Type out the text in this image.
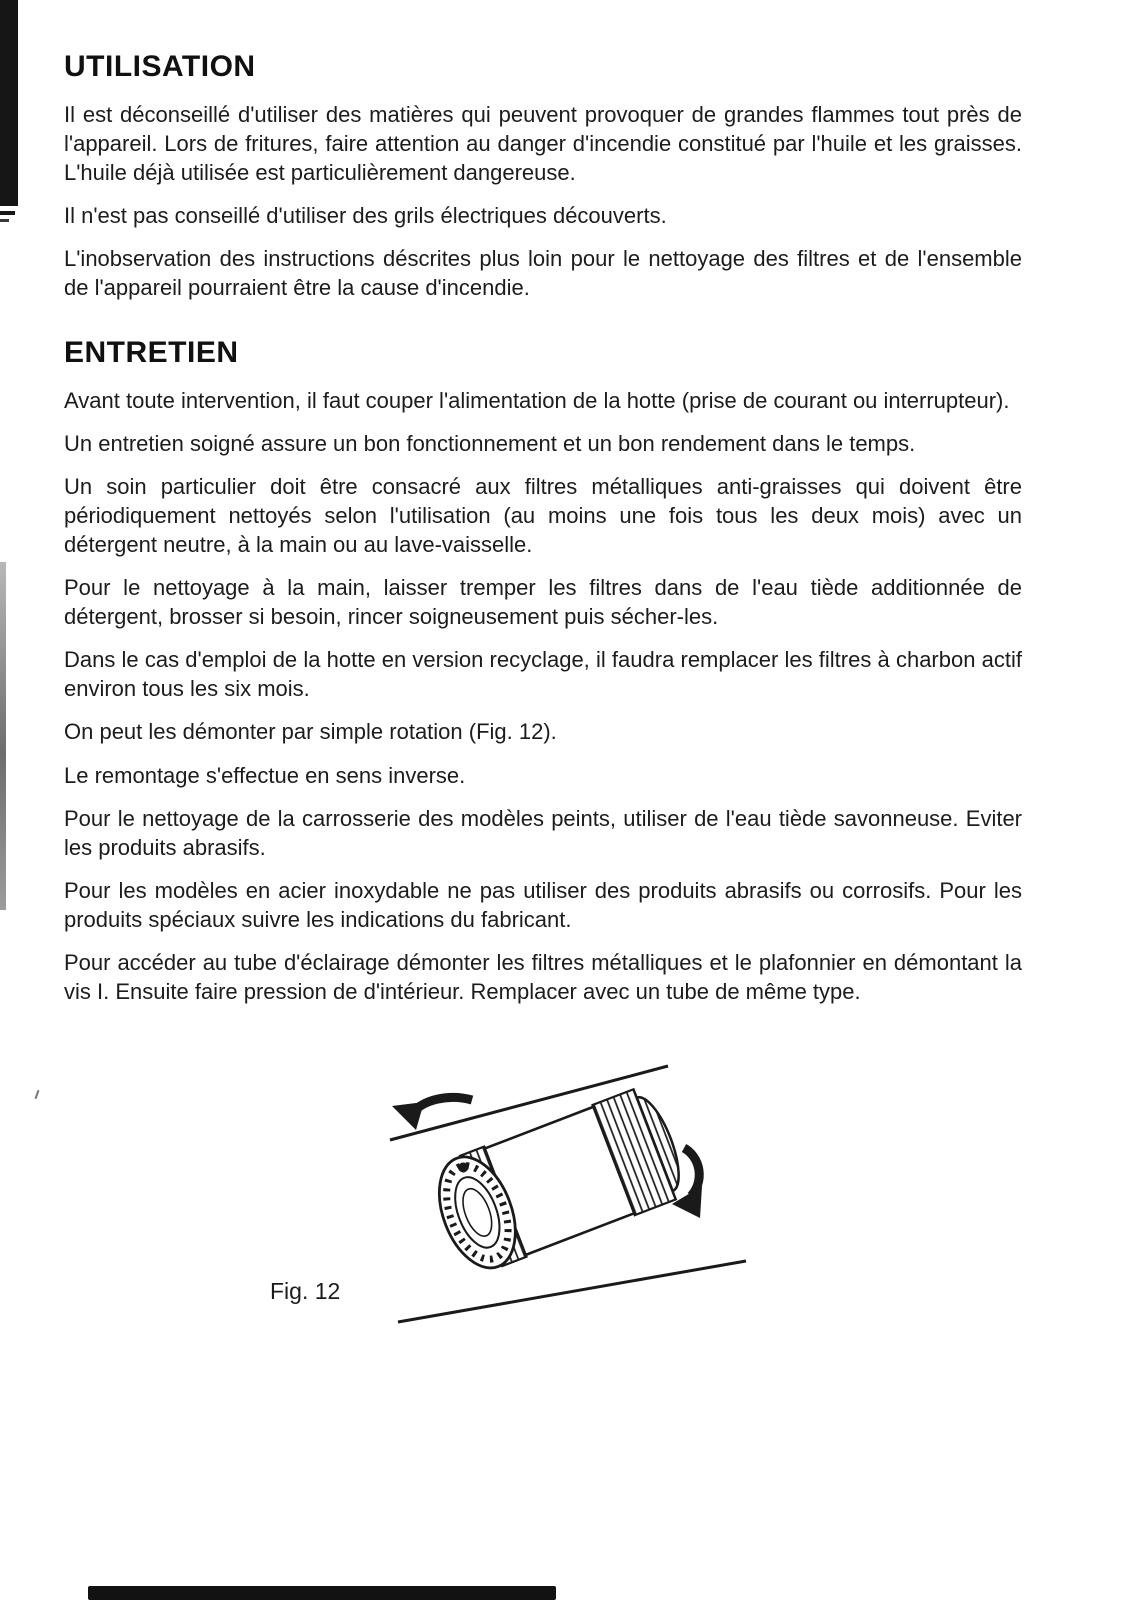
UTILISATION

Il est déconseillé d'utiliser des matières qui peuvent provoquer de grandes flammes tout près de l'appareil. Lors de fritures, faire attention au danger d'incendie constitué par l'huile et les graisses. L'huile déjà utilisée est particulièrement dangereuse.

Il n'est pas conseillé d'utiliser des grils électriques découverts.

L'inobservation des instructions déscrites plus loin pour le nettoyage des filtres et de l'ensemble de l'appareil pourraient être la cause d'incendie.

ENTRETIEN

Avant toute intervention, il faut couper l'alimentation de la hotte (prise de courant ou interrupteur).

Un entretien soigné assure un bon fonctionnement et un bon rendement dans le temps.

Un soin particulier doit être consacré aux filtres métalliques anti-graisses qui doivent être périodiquement nettoyés selon l'utilisation (au moins une fois tous les deux mois) avec un détergent neutre, à la main ou au lave-vaisselle.

Pour le nettoyage à la main, laisser tremper les filtres dans de l'eau tiède additionnée de détergent, brosser si besoin, rincer soigneusement puis sécher-les.

Dans le cas d'emploi de la hotte en version recyclage, il faudra remplacer les filtres à charbon actif environ tous les six mois.

On peut les démonter par simple rotation (Fig. 12).

Le remontage s'effectue en sens inverse.

Pour le nettoyage de la carrosserie des modèles peints, utiliser de l'eau tiède savonneuse. Eviter les produits abrasifs.

Pour les modèles en acier inoxydable ne pas utiliser des produits abrasifs ou corrosifs. Pour les produits spéciaux suivre les indications du fabricant.

Pour accéder au tube d'éclairage démonter les filtres métalliques et le plafonnier en démontant la vis I. Ensuite faire pression de d'intérieur. Remplacer avec un tube de même type.

Fig. 12
